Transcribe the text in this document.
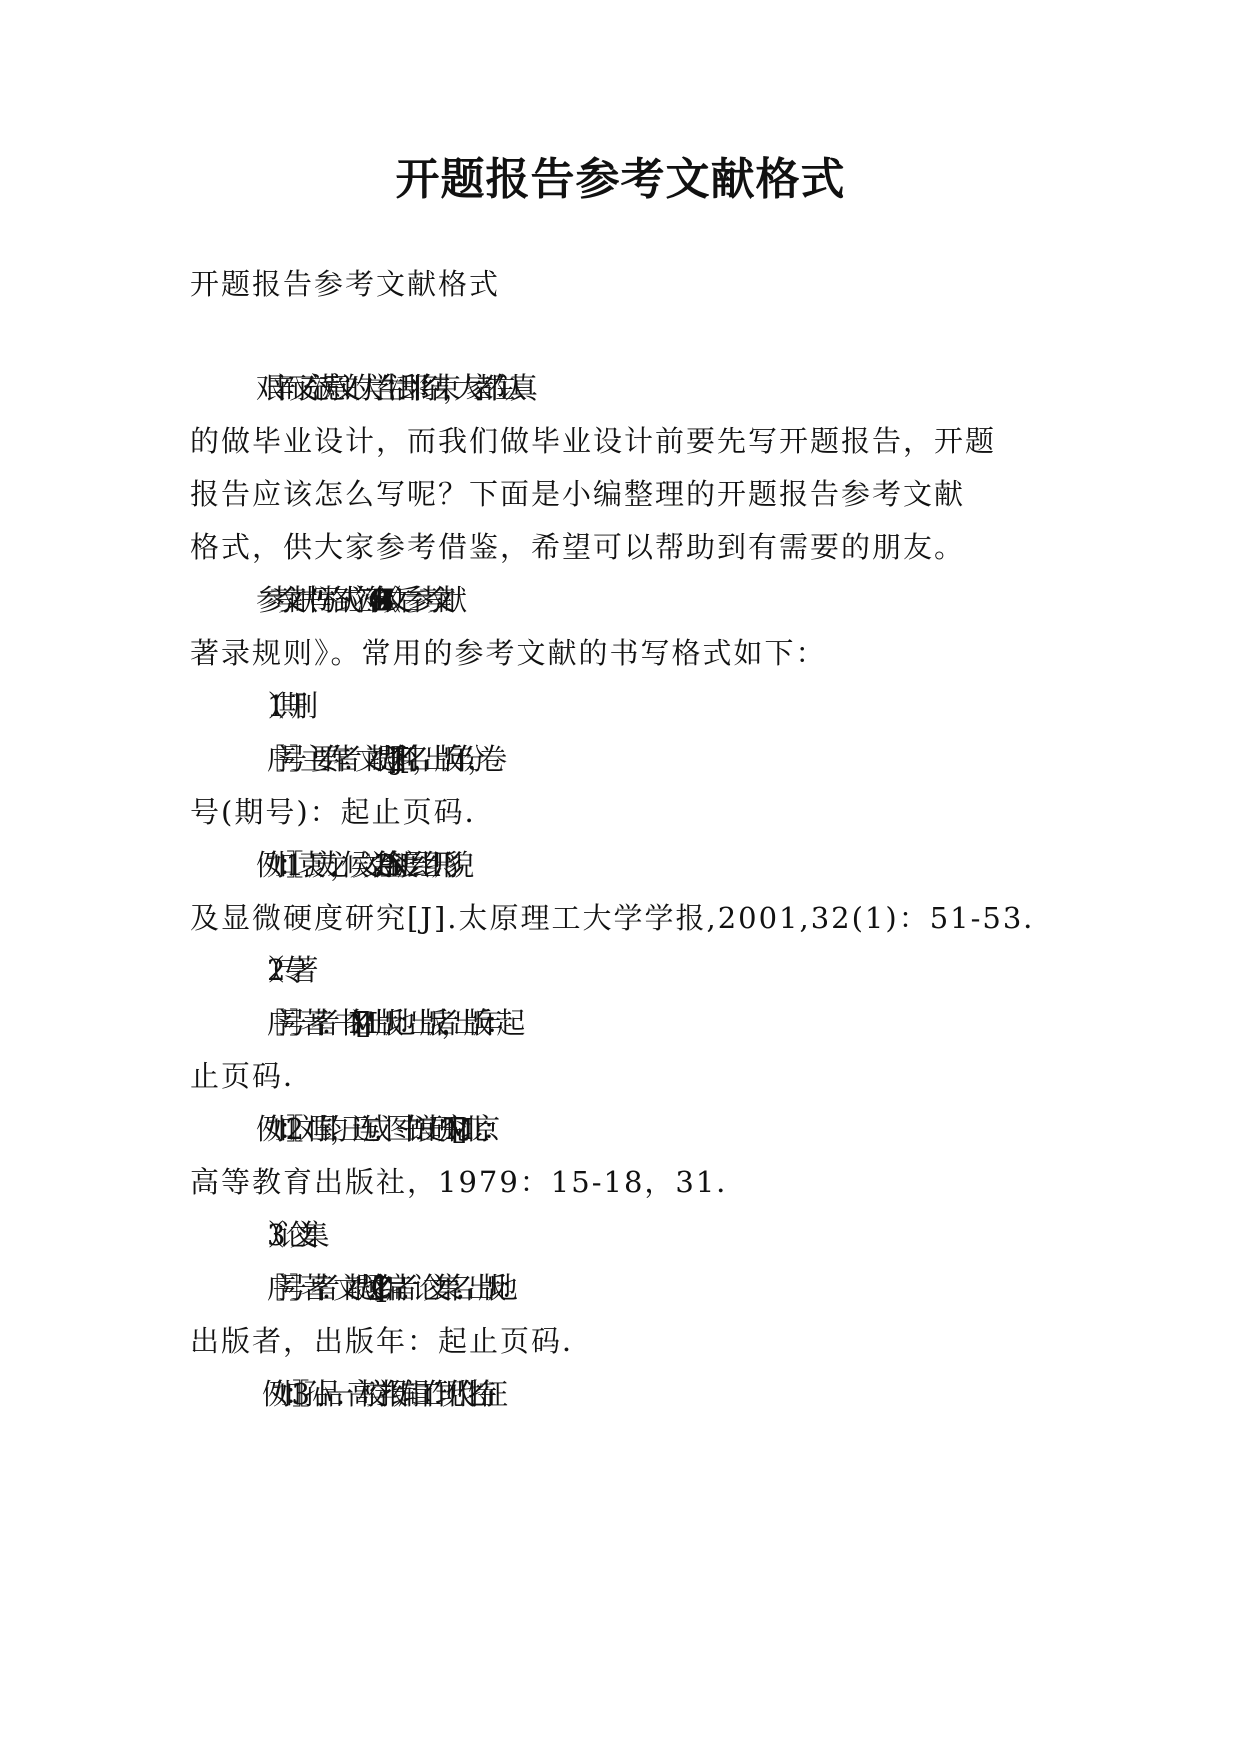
开题报告参考文献格式
开题报告参考文献格式
艰辛而又充满意义的大学生活即将结束，大家都在认真
的做毕业设计，而我们做毕业设计前要先写开题报告，开题
报告应该怎么写呢？下面是小编整理的开题报告参考文献
格式，供大家参考借鉴，希望可以帮助到有需要的朋友。
参考文献书写格式应符合 GB7714-1987《文后参考文献
著录规则》。常用的参考文献的书写格式如下：
（1）期刊
［序号］主要作者．文献题名[J]．刊名，出版年份，卷
号(期号)：起止页码．
例如：［1］袁庆龙，候文义．Ni-P 合金镀层组织形貌
及显微硬度研究[J].太原理工大学学报,2001,32(1)：51-53．
（2）专著
［序号］著者．书名[M]．出版地：出版者，出版年：起
止页码．
例如：［2］刘国钧，王连成．图书馆史研究[M]．北京：
高等教育出版社，1979：15-18，31．
（3）论文集
［序号］著者．文献题名[C]．编者．论文集名．出版地：
出版者，出版年：起止页码．
例如：［3］孙品一．高校学报编辑工作现代化特征
